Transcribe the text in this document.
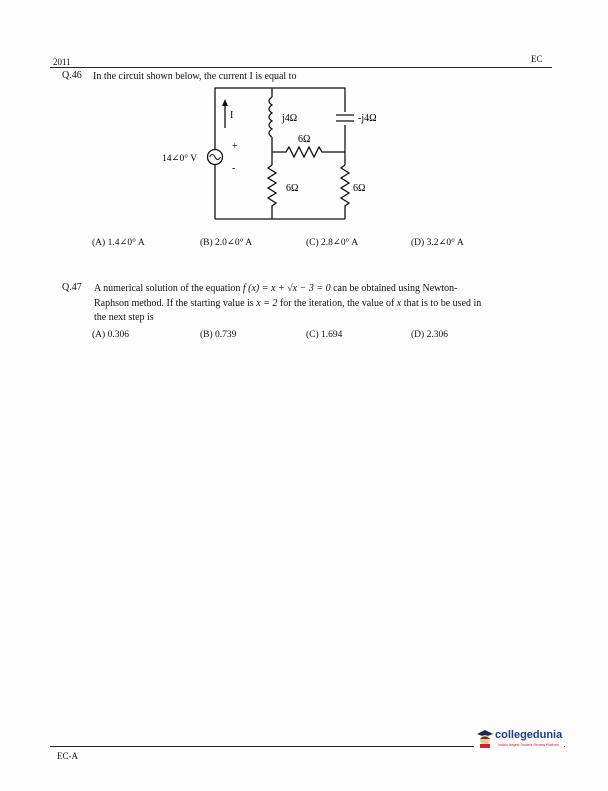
2011	EC
Q.46 In the circuit shown below, the current I is equal to
I
+
-
14∠0° V
j4Ω	-j4Ω
6Ω
6Ω	6Ω
(A) 1.4∠0° A	(B) 2.0∠0° A	(C) 2.8∠0° A	(D) 3.2∠0° A
Q.47 A numerical solution of the equation f (x) = x + √x − 3 = 0 can be obtained using Newton-
Raphson method. If the starting value is x = 2 for the iteration, the value of x that is to be used in
the next step is
(A) 0.306	(B) 0.739	(C) 1.694	(D) 2.306
EC-A
collegedunia
India's largest Student Review Platform
